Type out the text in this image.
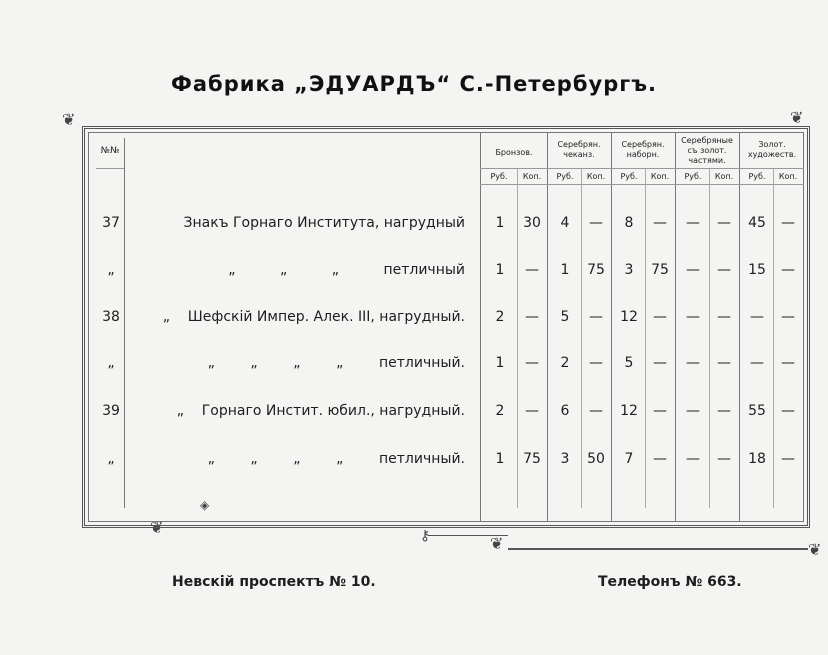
Фабрика „ЭДУАРДЪ“ С.-Петербургъ.
❦	❦
❦
❦	❦
◈
⚷
№№	Бронзов.
Серебрян. чеканз.
Серебрян. наборн.
Серебряные съ золот. частями.
Золот. художеств.
Руб.	Коп.	Руб.	Коп.	Руб.	Коп.	Руб.	Коп.	Руб.	Коп.
37	Знакъ Горнаго Института, нагрудный	1	30	4	—	8	—	—	—	45	—
„	„          „          „          петличный	1	—	1	75	3	75	—	—	15	—
38	„    Шефскій Импер. Алек. III, нагрудный.	2	—	5	—	12	—	—	—	—	—
„	„        „        „        „        петличный.	1	—	2	—	5	—	—	—	—	—
39	„    Горнаго Инстит. юбил., нагрудный.	2	—	6	—	12	—	—	—	55	—
„	„        „        „        „        петличный.	1	75	3	50	7	—	—	—	18	—
Невскій проспектъ № 10.	Телефонъ № 663.
